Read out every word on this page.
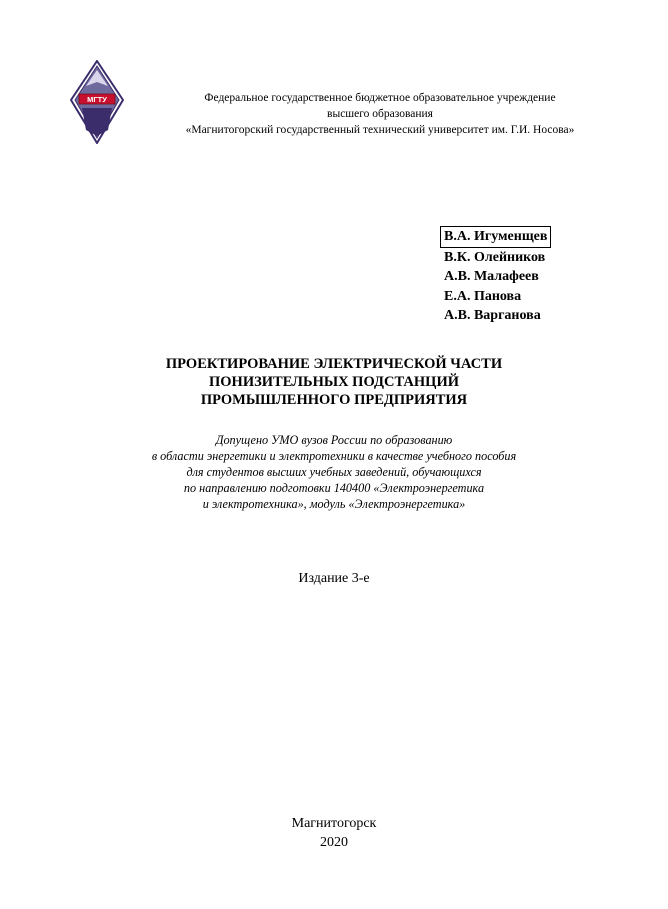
МГТУ	Федеральное государственное бюджетное образовательное учреждение
высшего образования
«Магнитогорский государственный технический университет им. Г.И. Носова»
В.А. Игуменщев
В.К. Олейников
А.В. Малафеев
Е.А. Панова
А.В. Варганова
ПРОЕКТИРОВАНИЕ ЭЛЕКТРИЧЕСКОЙ ЧАСТИ
ПОНИЗИТЕЛЬНЫХ ПОДСТАНЦИЙ
ПРОМЫШЛЕННОГО ПРЕДПРИЯТИЯ
Допущено УМО вузов России по образованию
в области энергетики и электротехники в качестве учебного пособия
для студентов высших учебных заведений, обучающихся
по направлению подготовки 140400 «Электроэнергетика
и электротехника», модуль «Электроэнергетика»
Издание 3-е
Магнитогорск
2020
